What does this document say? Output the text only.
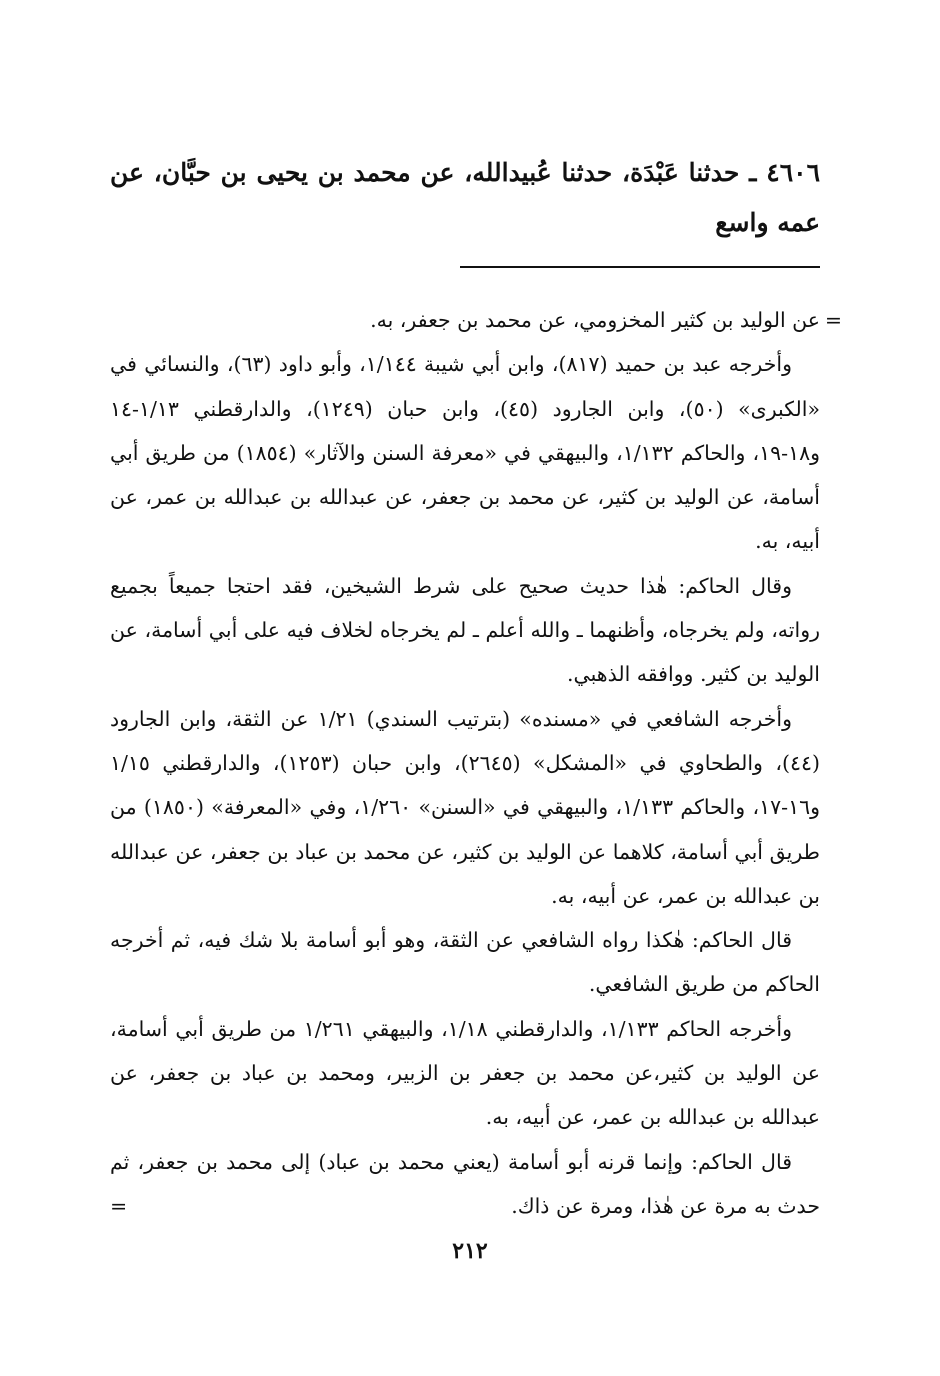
٤٦٠٦ ـ حدثنا عَبْدَة، حدثنا عُبيدالله، عن محمد بن يحيى بن حبَّان، عن عمه واسع

=
عن الوليد بن كثير المخزومي، عن محمد بن جعفر، به.

وأخرجه عبد بن حميد (٨١٧)، وابن أبي شيبة ١/١٤٤، وأبو داود (٦٣)، والنسائي في «الكبرى» (٥٠)، وابن الجارود (٤٥)، وابن حبان (١٢٤٩)، والدارقطني ١/١٣-١٤ و١٨-١٩، والحاكم ١/١٣٢، والبيهقي في «معرفة السنن والآثار» (١٨٥٤) من طريق أبي أسامة، عن الوليد بن كثير، عن محمد بن جعفر، عن عبدالله بن عبدالله بن عمر، عن أبيه، به.

وقال الحاكم: هٰذا حديث صحيح على شرط الشيخين، فقد احتجا جميعاً بجميع رواته، ولم يخرجاه، وأظنهما ـ والله أعلم ـ لم يخرجاه لخلاف فيه على أبي أسامة، عن الوليد بن كثير. ووافقه الذهبي.

وأخرجه الشافعي في «مسنده» (بترتيب السندي) ١/٢١ عن الثقة، وابن الجارود (٤٤)، والطحاوي في «المشكل» (٢٦٤٥)، وابن حبان (١٢٥٣)، والدارقطني ١/١٥ و١٦-١٧، والحاكم ١/١٣٣، والبيهقي في «السنن» ١/٢٦٠، وفي «المعرفة» (١٨٥٠) من طريق أبي أسامة، كلاهما عن الوليد بن كثير، عن محمد بن عباد بن جعفر، عن عبدالله بن عبدالله بن عمر، عن أبيه، به.

قال الحاكم: هٰكذا رواه الشافعي عن الثقة، وهو أبو أسامة بلا شك فيه، ثم أخرجه الحاكم من طريق الشافعي.

وأخرجه الحاكم ١/١٣٣، والدارقطني ١/١٨، والبيهقي ١/٢٦١ من طريق أبي أسامة، عن الوليد بن كثير،عن محمد بن جعفر بن الزبير، ومحمد بن عباد بن جعفر، عن عبدالله بن عبدالله بن عمر، عن أبيه، به.

قال الحاكم: وإنما قرنه أبو أسامة (يعني محمد بن عباد) إلى محمد بن جعفر، ثم حدث به مرة عن هٰذا، ومرة عن ذاك.
=

٢١٢
